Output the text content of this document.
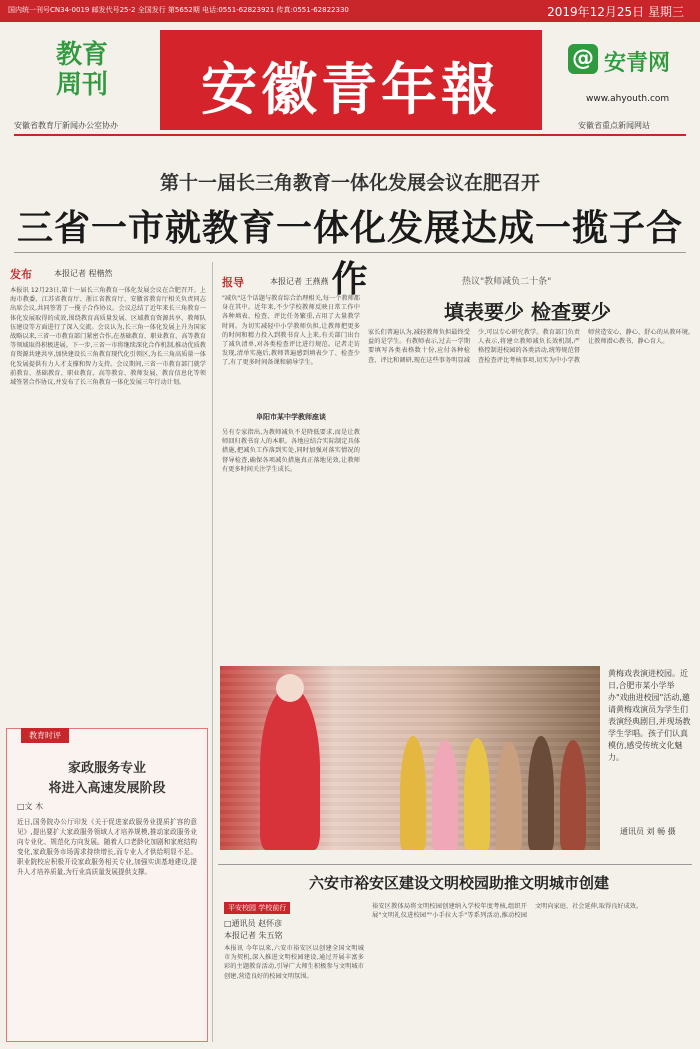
国内统一刊号CN34-0019 邮发代号25-2 全国发行 第5652期 电话:0551-62823921 传真:0551-62822330	2019年12月25日 星期三
教育
周刊
安徽省教育厅新闻办公室协办
安徽青年報	@ 安青网
www.ahyouth.com
安徽省重点新闻网站
第十一届长三角教育一体化发展会议在肥召开
三省一市就教育一体化发展达成一揽子合作
发布	本报记者 程楷然
本报讯 12月23日,第十一届长三角教育一体化发展会议在合肥召开。上海市教委、江苏省教育厅、浙江省教育厅、安徽省教育厅相关负责同志出席会议,共同签署了一揽子合作协议。会议总结了近年来长三角教育一体化发展取得的成效,围绕教育高质量发展、区域教育资源共享、教师队伍建设等方面进行了深入交流。会议认为,长三角一体化发展上升为国家战略以来,三省一市教育部门紧密合作,在基础教育、职业教育、高等教育等领域取得积极进展。下一步,三省一市将继续深化合作机制,推动优质教育资源共建共享,加快建设长三角教育现代化引领区,为长三角高质量一体化发展提供有力人才支撑和智力支持。会议期间,三省一市教育部门就学前教育、基础教育、职业教育、高等教育、教师发展、教育信息化等领域签署合作协议,并发布了长三角教育一体化发展三年行动计划。
报导	本报记者 王燕燕
"减负"这个话题与教育综合治理相关,每一个教师都身在其中。近年来,不少学校教师反映日常工作中各种填表、检查、评比任务繁重,占用了大量教学时间。为切实减轻中小学教师负担,让教师把更多的时间和精力投入到教书育人上来,有关部门出台了减负清单,对各类检查评比进行规范。记者走访发现,清单实施后,教师普遍感到填表少了、检查少了,有了更多时间备课和辅导学生。
阜阳市某中学教师座谈
另有专家指出,为教师减负不是降低要求,而是让教师回归教书育人的本职。各地应结合实际制定具体措施,把减负工作落到实处,同时加强对落实情况的督导检查,确保各项减负措施真正落地见效,让教师有更多时间关注学生成长。
热议"教师减负二十条"
填表要少 检查要少
家长们普遍认为,减轻教师负担最终受益的是学生。有教师表示,过去一学期要填写各类表格数十份,应付各种检查、评比和调研,现在这些事务明显减少,可以专心研究教学。教育部门负责人表示,将建立教师减负长效机制,严格控制进校园的各类活动,统筹规范督查检查评比考核事项,切实为中小学教师营造安心、静心、舒心的从教环境,让教师潜心教书、静心育人。
黄梅戏表演进校园。近日,合肥市某小学举办"戏曲进校园"活动,邀请黄梅戏演员为学生们表演经典剧目,并现场教学生学唱。孩子们认真模仿,感受传统文化魅力。
通讯员 刘 畅 摄
教育时评
家政服务专业
将进入高速发展阶段
□文 木
近日,国务院办公厅印发《关于促进家政服务业提质扩容的意见》,提出要扩大家政服务领域人才培养规模,推动家政服务业向专业化、规范化方向发展。随着人口老龄化加剧和家庭结构变化,家政服务市场需求持续增长,而专业人才供给明显不足。职业院校应积极开设家政服务相关专业,加强实训基地建设,提升人才培养质量,为行业高质量发展提供支撑。
六安市裕安区建设文明校园助推文明城市创建
平安校园 学校前行
□通讯员 赵怀彦
本报记者 朱五铭
本报讯 今年以来,六安市裕安区以创建全国文明城市为契机,深入推进文明校园建设,通过开展丰富多彩的主题教育活动,引导广大师生积极参与文明城市创建,营造良好的校园文明氛围。
裕安区教体局将文明校园创建纳入学校年度考核,组织开展"文明礼仪进校园""小手拉大手"等系列活动,推动校园文明向家庭、社会延伸,取得良好成效。
